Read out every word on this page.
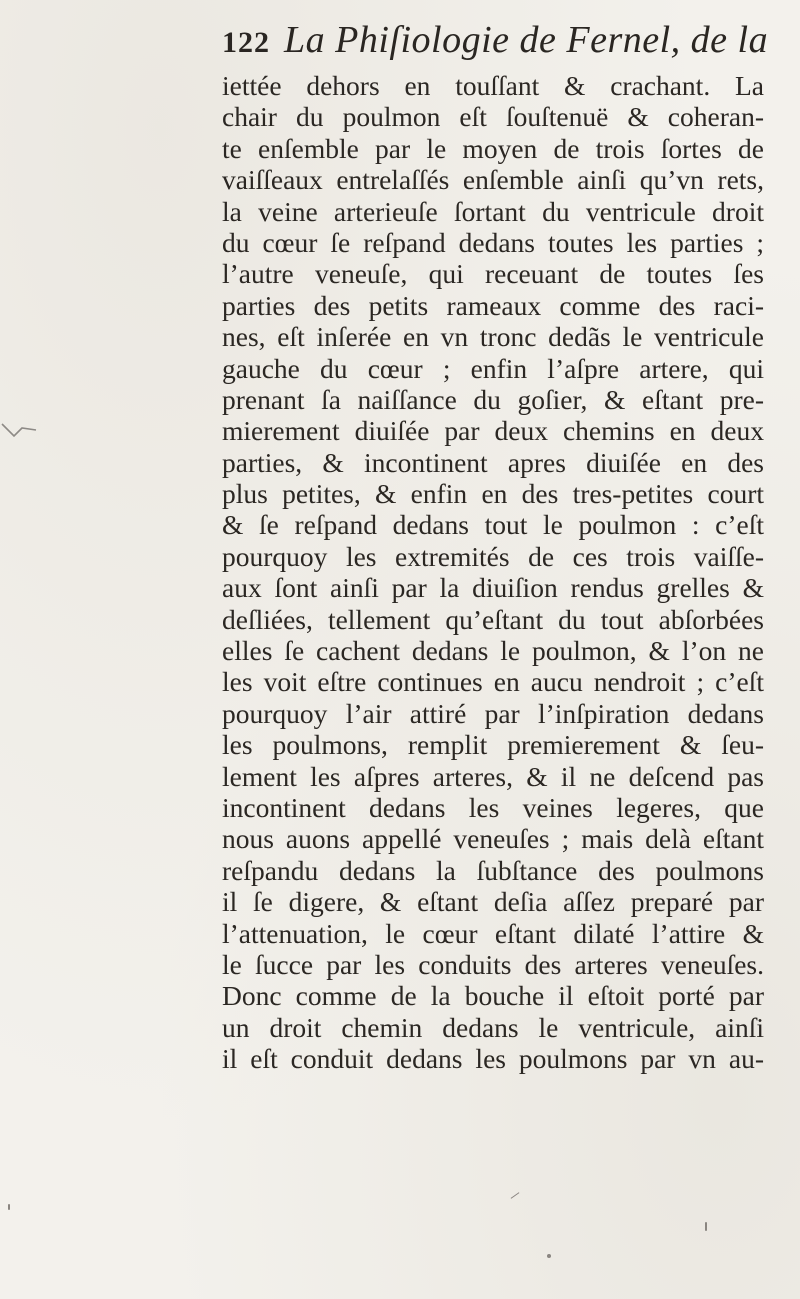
122 La Phiſiologie de Fernel, de la
iettée dehors en touſſant & crachant. La
chair du poulmon eſt ſouſtenuë & coheran-
te enſemble par le moyen de trois ſortes de
vaiſſeaux entrelaſſés enſemble ainſi qu’vn rets,
la veine arterieuſe ſortant du ventricule droit
du cœur ſe reſpand dedans toutes les parties ;
l’autre veneuſe, qui receuant de toutes ſes
parties des petits rameaux comme des raci-
nes, eſt inſerée en vn tronc dedãs le ventricule
gauche du cœur ; enfin l’aſpre artere, qui
prenant ſa naiſſance du goſier, & eſtant pre-
mierement diuiſée par deux chemins en deux
parties, & incontinent apres diuiſée en des
plus petites, & enfin en des tres-petites court
& ſe reſpand dedans tout le poulmon : c’eſt
pourquoy les extremités de ces trois vaiſſe-
aux ſont ainſi par la diuiſion rendus grelles &
deſliées, tellement qu’eſtant du tout abſorbées
elles ſe cachent dedans le poulmon, & l’on ne
les voit eſtre continues en aucu nendroit ; c’eſt
pourquoy l’air attiré par l’inſpiration dedans
les poulmons, remplit premierement & ſeu-
lement les aſpres arteres, & il ne deſcend pas
incontinent dedans les veines legeres, que
nous auons appellé veneuſes ; mais delà eſtant
reſpandu dedans la ſubſtance des poulmons
il ſe digere, & eſtant deſia aſſez preparé par
l’attenuation, le cœur eſtant dilaté l’attire &
le ſucce par les conduits des arteres veneuſes.
Donc comme de la bouche il eſtoit porté par
un droit chemin dedans le ventricule, ainſi
il eſt conduit dedans les poulmons par vn au-
